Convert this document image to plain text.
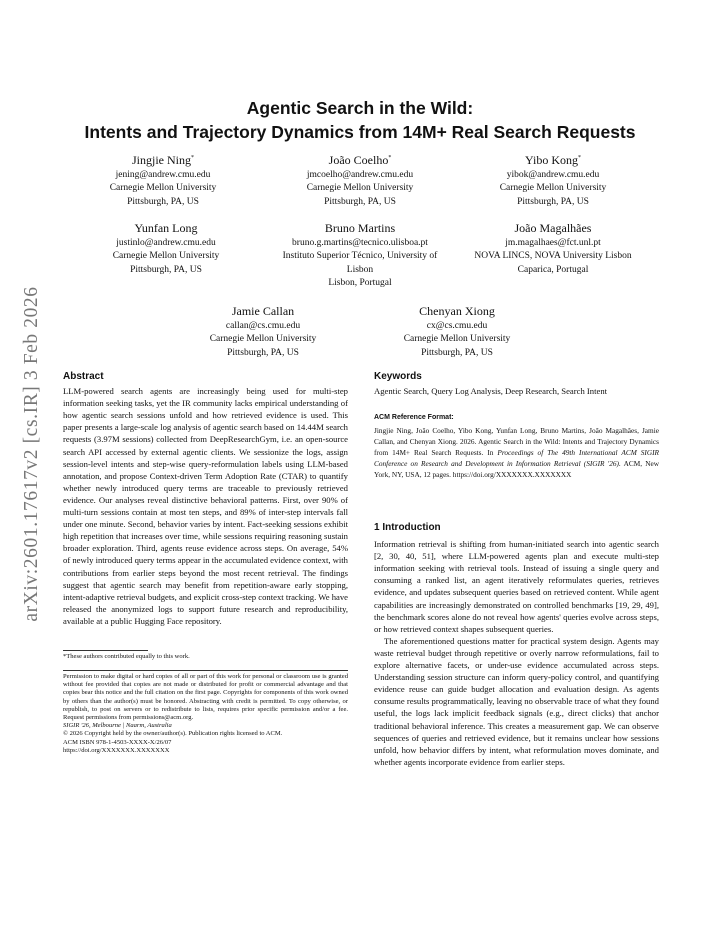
arXiv:2601.17617v2 [cs.IR] 3 Feb 2026
Agentic Search in the Wild:
Intents and Trajectory Dynamics from 14M+ Real Search Requests
Jingjie Ning*
jening@andrew.cmu.edu
Carnegie Mellon University
Pittsburgh, PA, US
João Coelho*
jmcoelho@andrew.cmu.edu
Carnegie Mellon University
Pittsburgh, PA, US
Yibo Kong*
yibok@andrew.cmu.edu
Carnegie Mellon University
Pittsburgh, PA, US
Yunfan Long
justinlo@andrew.cmu.edu
Carnegie Mellon University
Pittsburgh, PA, US
Bruno Martins
bruno.g.martins@tecnico.ulisboa.pt
Instituto Superior Técnico, University of Lisbon
Lisbon, Portugal
João Magalhães
jm.magalhaes@fct.unl.pt
NOVA LINCS, NOVA University Lisbon
Caparica, Portugal
Jamie Callan
callan@cs.cmu.edu
Carnegie Mellon University
Pittsburgh, PA, US
Chenyan Xiong
cx@cs.cmu.edu
Carnegie Mellon University
Pittsburgh, PA, US
Abstract

LLM-powered search agents are increasingly being used for multi-step information seeking tasks, yet the IR community lacks empirical understanding of how agentic search sessions unfold and how retrieved evidence is used. This paper presents a large-scale log analysis of agentic search based on 14.44M search requests (3.97M sessions) collected from DeepResearchGym, i.e. an open-source search API accessed by external agentic clients. We sessionize the logs, assign session-level intents and step-wise query-reformulation labels using LLM-based annotation, and propose Context-driven Term Adoption Rate (CTAR) to quantify whether newly introduced query terms are traceable to previously retrieved evidence. Our analyses reveal distinctive behavioral patterns. First, over 90% of multi-turn sessions contain at most ten steps, and 89% of inter-step intervals fall under one minute. Second, behavior varies by intent. Fact-seeking sessions exhibit high repetition that increases over time, while sessions requiring reasoning sustain broader exploration. Third, agents reuse evidence across steps. On average, 54% of newly introduced query terms appear in the accumulated evidence context, with contributions from earlier steps beyond the most recent retrieval. The findings suggest that agentic search may benefit from repetition-aware early stopping, intent-adaptive retrieval budgets, and explicit cross-step context tracking. We have released the anonymized logs to support future research and reproducibility, available at a public Hugging Face repository.

*These authors contributed equally to this work.

Permission to make digital or hard copies of all or part of this work for personal or classroom use is granted without fee provided that copies are not made or distributed for profit or commercial advantage and that copies bear this notice and the full citation on the first page. Copyrights for components of this work owned by others than the author(s) must be honored. Abstracting with credit is permitted. To copy otherwise, or republish, to post on servers or to redistribute to lists, requires prior specific permission and/or a fee. Request permissions from permissions@acm.org.

SIGIR '26, Melbourne | Naarm, Australia

© 2026 Copyright held by the owner/author(s). Publication rights licensed to ACM.

ACM ISBN 978-1-4503-XXXX-X/26/07

https://doi.org/XXXXXXX.XXXXXXX

Keywords

Agentic Search, Query Log Analysis, Deep Research, Search Intent

ACM Reference Format:

Jingjie Ning, João Coelho, Yibo Kong, Yunfan Long, Bruno Martins, João Magalhães, Jamie Callan, and Chenyan Xiong. 2026. Agentic Search in the Wild: Intents and Trajectory Dynamics from 14M+ Real Search Requests. In Proceedings of The 49th International ACM SIGIR Conference on Research and Development in Information Retrieval (SIGIR '26). ACM, New York, NY, USA, 12 pages. https://doi.org/XXXXXXX.XXXXXXX

1 Introduction

Information retrieval is shifting from human-initiated search into agentic search [2, 30, 40, 51], where LLM-powered agents plan and execute multi-step information seeking with retrieval tools. Instead of issuing a single query and consuming a ranked list, an agent iteratively reformulates queries, retrieves evidence, and updates subsequent queries based on retrieved content. While agent capabilities are increasingly demonstrated on controlled benchmarks [19, 29, 49], the benchmark scores alone do not reveal how agents' queries evolve across steps, or how retrieved context shapes subsequent queries.

The aforementioned questions matter for practical system design. Agents may waste retrieval budget through repetitive or overly narrow reformulations, fail to explore alternative facets, or under-use evidence accumulated across steps. Understanding session structure can inform query-policy control, and quantifying evidence reuse can guide budget allocation and evaluation design. As agents consume results programmatically, leaving no observable trace of what they found useful, the logs lack implicit feedback signals (e.g., direct clicks) that anchor traditional behavioral inference. This creates a measurement gap. We can observe sequences of queries and retrieved evidence, but it remains unclear how sessions unfold, how behavior differs by intent, what reformulation moves dominate, and whether agents incorporate evidence from earlier steps.
